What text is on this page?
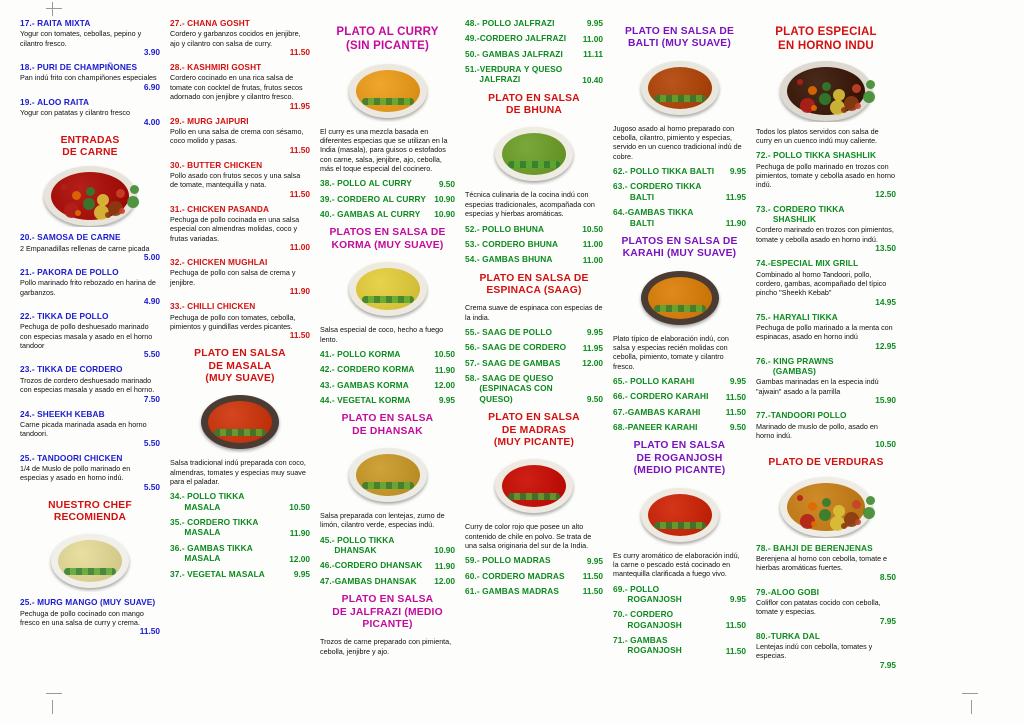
17.- RAITA MIXTA
Yogur con tomates, cebollas, pepino y cilantro fresco.
3.90
18.- PURI DE CHAMPIÑONES
Pan indú frito con champiñones especiales
6.90
19.- ALOO RAITA
Yogur con patatas y cilantro fresco
4.00
ENTRADAS
DE CARNE
20.- SAMOSA DE CARNE
2 Empanadillas rellenas de carne picada
5.00
21.- PAKORA DE POLLO
Pollo marinado frito rebozado en harina de garbanzos.
4.90
22.- TIKKA DE POLLO
Pechuga de pollo deshuesado marinado con especias masala y asado en el horno tandoor
5.50
23.- TIKKA DE CORDERO
Trozos de cordero deshuesado marinado con especias masala y asado en el horno.
7.50
24.- SHEEKH KEBAB
Carne picada marinada asada en horno tandoori.
5.50
25.- TANDOORI CHICKEN
1/4 de Muslo de pollo marinado en especias y asado en horno indú.
5.50
NUESTRO CHEF
RECOMIENDA
25.- MURG MANGO (MUY SUAVE)
Pechuga de pollo cocinado con mango fresco en una salsa de curry y crema.
11.50
27.- CHANA GOSHT
Cordero y garbanzos cocidos en jenjibre, ajo y cilantro con salsa de curry.
11.50
28.- KASHMIRI GOSHT
Cordero cocinado en una rica salsa de tomate con cocktel de frutas, frutos secos adornado con jenjibre y cilantro fresco.
11.95
29.- MURG JAIPURI
Pollo en una salsa de crema con sésamo, coco molido y pasas.
11.50
30.- BUTTER CHICKEN
Pollo asado con frutos secos y una salsa de tomate, mantequilla y nata.
11.50
31.- CHICKEN PASANDA
Pechuga de pollo cocinada en una salsa especial con almendras molidas, coco y frutas variadas.
11.00
32.- CHICKEN MUGHLAI
Pechuga de pollo con salsa de crema y jenjibre.
11.90
33.- CHILLI CHICKEN
Pechuga de pollo con tomates, cebolla, pimientos y guindillas verdes picantes.
11.50
PLATO EN SALSA
DE MASALA
(MUY SUAVE)
Salsa tradicional indú preparada con coco, almendras, tomates y especias muy suave para el paladar.
34.- POLLO TIKKA
MASALA	10.50
35.- CORDERO TIKKA
MASALA	11.90
36.- GAMBAS TIKKA
MASALA	12.00
37.- VEGETAL MASALA	9.95
PLATO AL CURRY
(SIN PICANTE)
El curry es una mezcla basada en diferentes especias que se utilizan en la India (masala), para guisos o estofados con carne, salsa, jenjibre, ajo, cebolla, más el toque especial del cocinero.
38.- POLLO AL CURRY	9.50
39.- CORDERO AL CURRY 10.90
40.- GAMBAS AL CURRY	10.90
PLATOS EN SALSA DE
KORMA (MUY SUAVE)
Salsa especial de coco, hecho a fuego lento.
41.- POLLO KORMA	10.50
42.- CORDERO KORMA	11.90
43.- GAMBAS KORMA	12.00
44.- VEGETAL KORMA	9.95
PLATO EN SALSA
DE DHANSAK
Salsa preparada con lentejas, zumo de limón, cilantro verde, especias indú.
45.- POLLO TIKKA
DHANSAK	10.90
46.-CORDERO DHANSAK	11.90
47.-GAMBAS DHANSAK	12.00
PLATO EN SALSA
DE JALFRAZI (MEDIO
PICANTE)
Trozos de carne preparado con pimienta, cebolla, jenjibre y ajo.
48.- POLLO JALFRAZI	9.95
49.-CORDERO JALFRAZI	11.00
50.- GAMBAS JALFRAZI	11.11
51.-VERDURA Y QUESO
JALFRAZI	10.40
PLATO EN SALSA
DE BHUNA
Técnica culinaria de la cocina indú con especias tradicionales, acompañada con especias y hierbas aromáticas.
52.- POLLO BHUNA	10.50
53.- CORDERO BHUNA	11.00
54.- GAMBAS BHUNA	11.00
PLATO EN SALSA DE
ESPINACA (SAAG)
Crema suave de espinaca con especias de la india.
55.- SAAG DE POLLO	9.95
56.- SAAG DE CORDERO	11.95
57.- SAAG DE GAMBAS	12.00
58.- SAAG DE QUESO
(ESPINACAS CON
QUESO)	9.50
PLATO EN SALSA
DE MADRAS
(MUY PICANTE)
Curry de color rojo que posee un alto contenido de chile en polvo. Se trata de una salsa originaria del sur de la India.
59.- POLLO MADRAS	9.95
60.- CORDERO MADRAS	11.50
61.- GAMBAS MADRAS	11.50
PLATO EN SALSA DE
BALTI (MUY SUAVE)
Jugoso asado al horno preparado con cebolla, cilantro, pimiento y especias, servido en un cuenco tradicional indú de cobre.
62.- POLLO TIKKA BALTI	9.95
63.- CORDERO TIKKA
BALTI	11.95
64.-GAMBAS TIKKA
BALTI	11.90
PLATOS EN SALSA DE
KARAHI (MUY SUAVE)
Plato típico de elaboración indú, con salsa y especias recién molidas con cebolla, pimiento, tomate y cilantro fresco.
65.- POLLO KARAHI	9.95
66.- CORDERO KARAHI	11.50
67.-GAMBAS KARAHI	11.50
68.-PANEER KARAHI	9.50
PLATO EN SALSA
DE ROGANJOSH
(MEDIO PICANTE)
Es curry aromático de elaboración indú, la carne o pescado está cocinado en mantequilla clarificada a fuego vivo.
69.- POLLO
ROGANJOSH	9.95
70.- CORDERO
ROGANJOSH	11.50
71.- GAMBAS
ROGANJOSH	11.50
PLATO ESPECIAL
EN HORNO INDU
Todos los platos servidos con salsa de curry en un cuenco indú muy caliente.
72.- POLLO TIKKA SHASHLIK
Pechuga de pollo marinado en trozos con pimientos, tomate y cebolla asado en horno indú.
12.50
73.- CORDERO TIKKA
SHASHLIK
Cordero marinado en trozos con pimientos, tomate y cebolla asado en horno indú.
13.50
74.-ESPECIAL MIX GRILL
Combinado al horno Tandoori, pollo, cordero, gambas, acompañado del típico pincho "Sheekh Kebab"
14.95
75.- HARYALI TIKKA
Pechuga de pollo marinado a la menta con espinacas, asado en horno indú
12.95
76.- KING PRAWNS
(GAMBAS)
Gambas marinadas en la especia indú "ajwain" asado a la parrilla
15.90
77.-TANDOORI POLLO
Marinado de muslo de pollo, asado en horno indú.
10.50
PLATO DE VERDURAS
78.- BAHJI DE BERENJENAS
Berenjena al horno con cebolla, tomate e hierbas aromáticas fuertes.
8.50
79.-ALOO GOBI
Coliflor con patatas cocido con cebolla, tomate y especias.
7.95
80.-TURKA DAL
Lentejas indú con cebolla, tomates y especias.
7.95
